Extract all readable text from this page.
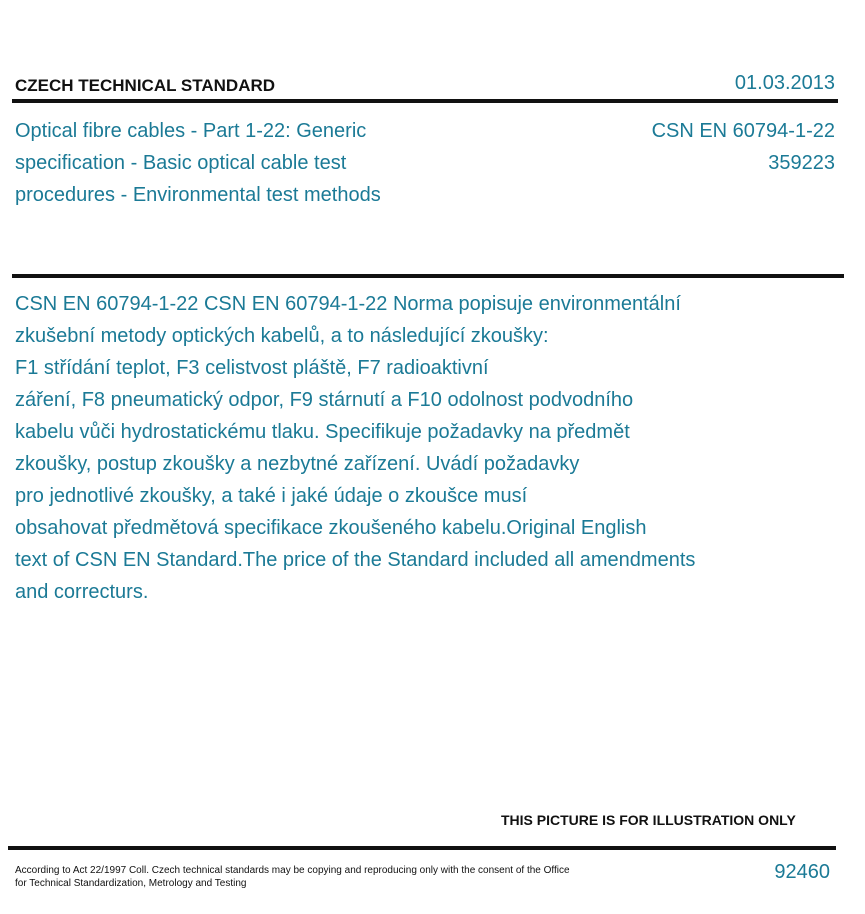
CZECH TECHNICAL STANDARD	01.03.2013
Optical fibre cables - Part 1-22: Generic specification - Basic optical cable test procedures - Environmental test methods
CSN EN 60794-1-22
359223
CSN EN 60794-1-22 CSN EN 60794-1-22 Norma popisuje environmentální
zkušební metody optických kabelů, a to následující zkoušky:
F1 střídání teplot, F3 celistvost pláště, F7 radioaktivní
záření, F8 pneumatický odpor, F9 stárnutí a F10 odolnost podvodního
kabelu vůči hydrostatickému tlaku. Specifikuje požadavky na předmět
zkoušky, postup zkoušky a nezbytné zařízení. Uvádí požadavky
pro jednotlivé zkoušky, a také i jaké údaje o zkoušce musí
obsahovat předmětová specifikace zkoušeného kabelu.Original English
text of CSN EN Standard.The price of the Standard included all amendments
and correcturs.
THIS PICTURE IS FOR ILLUSTRATION ONLY
According to Act 22/1997 Coll. Czech technical standards may be copying and reproducing only with the consent of the Office
for Technical Standardization, Metrology and Testing
92460
